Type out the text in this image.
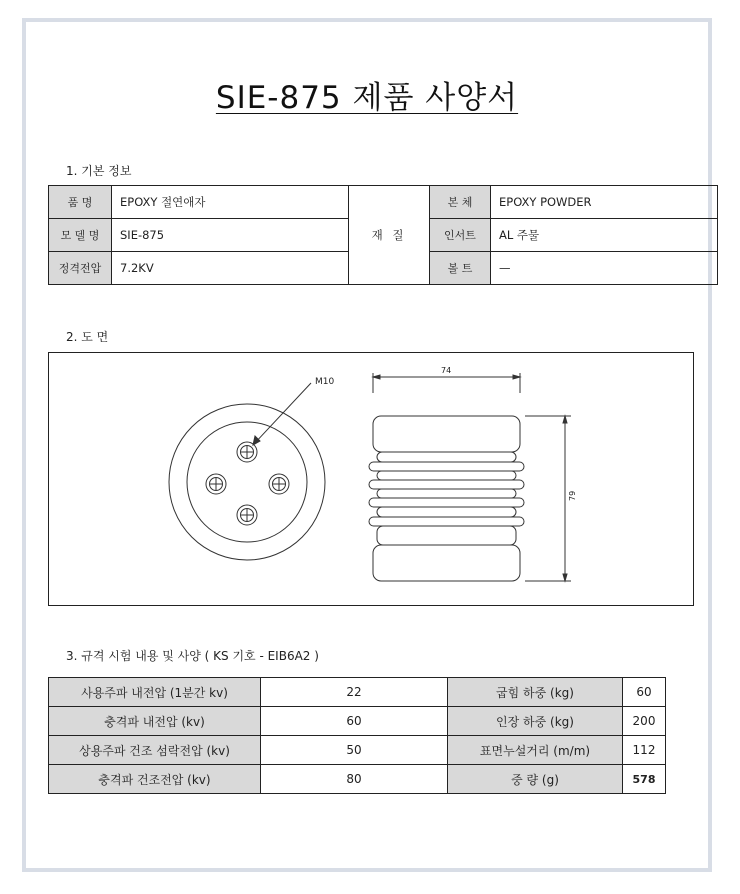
SIE-875 제품 사양서
1. 기본 정보
품 명	EPOXY 절연애자	재 질	본 체	EPOXY POWDER
모 델 명	SIE-875		인서트	AL 주물
정격전압	7.2KV		볼 트	—
2. 도 면
M10
74
79
3. 규격 시험 내용 및 사양 ( KS 기호 - EIB6A2 )
사용주파 내전압 (1분간 kv)	22	굽힘 하중 (kg)	60
충격파 내전압 (kv)	60	인장 하중 (kg)	200
상용주파 건조 섬락전압 (kv)	50	표면누설거리 (m/m)	112
충격파 건조전압 (kv)	80	중 량 (g)	578
